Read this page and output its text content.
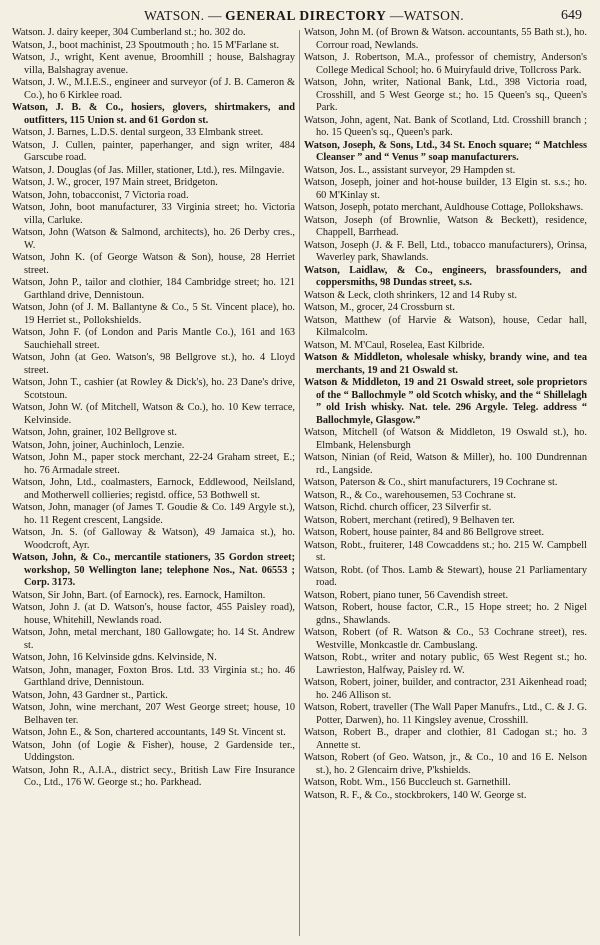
WATSON. — GENERAL DIRECTORY —WATSON.	649

Watson. J. dairy keeper, 304 Cumberland st.; ho. 302 do.

Watson, J., boot machinist, 23 Spoutmouth ; ho. 15 M'Farlane st.

Watson, J., wright, Kent avenue, Broomhill ; house, Balshagray villa, Balshagray avenue.

Watson, J. W., M.I.E.S., engineer and surveyor (of J. B. Cameron & Co.), ho 6 Kirklee road.

Watson, J. B. & Co., hosiers, glovers, shirtmakers, and outfitters, 115 Union st. and 61 Gordon st.

Watson, J. Barnes, L.D.S. dental surgeon, 33 Elmbank street.

Watson, J. Cullen, painter, paperhanger, and sign writer, 484 Garscube road.

Watson, J. Douglas (of Jas. Miller, stationer, Ltd.), res. Milngavie.

Watson, J. W., grocer, 197 Main street, Bridgeton.

Watson, John, tobacconist, 7 Victoria road.

Watson, John, boot manufacturer, 33 Virginia street; ho. Victoria villa, Carluke.

Watson, John (Watson & Salmond, architects), ho. 26 Derby cres., W.

Watson, John K. (of George Watson & Son), house, 28 Herriet street.

Watson, John P., tailor and clothier, 184 Cambridge street; ho. 121 Garthland drive, Dennistoun.

Watson, John (of J. M. Ballantyne & Co., 5 St. Vincent place), ho. 19 Herriet st., Pollokshields.

Watson, John F. (of London and Paris Mantle Co.), 161 and 163 Sauchiehall street.

Watson, John (at Geo. Watson's, 98 Bellgrove st.), ho. 4 Lloyd street.

Watson, John T., cashier (at Rowley & Dick's), ho. 23 Dane's drive, Scotstoun.

Watson, John W. (of Mitchell, Watson & Co.), ho. 10 Kew terrace, Kelvinside.

Watson, John, grainer, 102 Bellgrove st.

Watson, John, joiner, Auchinloch, Lenzie.

Watson, John M., paper stock merchant, 22-24 Graham street, E.; ho. 76 Armadale street.

Watson, John, Ltd., coalmasters, Earnock, Eddlewood, Neilsland, and Motherwell collieries; registd. office, 53 Bothwell st.

Watson, John, manager (of James T. Goudie & Co. 149 Argyle st.), ho. 11 Regent crescent, Langside.

Watson, Jn. S. (of Galloway & Watson), 49 Jamaica st.), ho. Woodcroft, Ayr.

Watson, John, & Co., mercantile stationers, 35 Gordon street; workshop, 50 Wellington lane; telephone Nos., Nat. 06553 ; Corp. 3173.

Watson, Sir John, Bart. (of Earnock), res. Earnock, Hamilton.

Watson, John J. (at D. Watson's, house factor, 455 Paisley road), house, Whitehill, Newlands road.

Watson, John, metal merchant, 180 Gallowgate; ho. 14 St. Andrew st.

Watson, John, 16 Kelvinside gdns. Kelvinside, N.

Watson, John, manager, Foxton Bros. Ltd. 33 Virginia st.; ho. 46 Garthland drive, Dennistoun.

Watson, John, 43 Gardner st., Partick.

Watson, John, wine merchant, 207 West George street; house, 10 Belhaven ter.

Watson, John E., & Son, chartered accountants, 149 St. Vincent st.

Watson, John (of Logie & Fisher), house, 2 Gardenside ter., Uddingston.

Watson, John R., A.I.A., district secy., British Law Fire Insurance Co., Ltd., 176 W. George st.; ho. Parkhead.

Watson, John M. (of Brown & Watson. accountants, 55 Bath st.), ho. Corrour road, Newlands.

Watson, J. Robertson, M.A., professor of chemistry, Anderson's College Medical School; ho. 6 Muiryfauld drive, Tollcross Park.

Watson, John, writer, National Bank, Ltd., 398 Victoria road, Crosshill, and 5 West George st.; ho. 15 Queen's sq., Queen's Park.

Watson, John, agent, Nat. Bank of Scotland, Ltd. Crosshill branch ; ho. 15 Queen's sq., Queen's park.

Watson, Joseph, & Sons, Ltd., 34 St. Enoch square; “ Matchless Cleanser ” and “ Venus ” soap manufacturers.

Watson, Jos. L., assistant surveyor, 29 Hampden st.

Watson, Joseph, joiner and hot-house builder, 13 Elgin st. s.s.; ho. 60 M'Kinlay st.

Watson, Joseph, potato merchant, Auldhouse Cottage, Pollokshaws.

Watson, Joseph (of Brownlie, Watson & Beckett), residence, Chappell, Barrhead.

Watson, Joseph (J. & F. Bell, Ltd., tobacco manufacturers), Orinsa, Waverley park, Shawlands.

Watson, Laidlaw, & Co., engineers, brassfounders, and coppersmiths, 98 Dundas street, s.s.

Watson & Leck, cloth shrinkers, 12 and 14 Ruby st.

Watson, M., grocer, 24 Crossburn st.

Watson, Matthew (of Harvie & Watson), house, Cedar hall, Kilmalcolm.

Watson, M. M'Caul, Roselea, East Kilbride.

Watson & Middleton, wholesale whisky, brandy wine, and tea merchants, 19 and 21 Oswald st.

Watson & Middleton, 19 and 21 Oswald street, sole proprietors of the “ Ballochmyle ” old Scotch whisky, and the “ Shillelagh ” old Irish whisky. Nat. tele. 296 Argyle. Teleg. address “ Ballochmyle, Glasgow.”

Watson, Mitchell (of Watson & Middleton, 19 Oswald st.), ho. Elmbank, Helensburgh

Watson, Ninian (of Reid, Watson & Miller), ho. 100 Dundrennan rd., Langside.

Watson, Paterson & Co., shirt manufacturers, 19 Cochrane st.

Watson, R., & Co., warehousemen, 53 Cochrane st.

Watson, Richd. church officer, 23 Silverfir st.

Watson, Robert, merchant (retired), 9 Belhaven ter.

Watson, Robert, house painter, 84 and 86 Bellgrove street.

Watson, Robt., fruiterer, 148 Cowcaddens st.; ho. 215 W. Campbell st.

Watson, Robt. (of Thos. Lamb & Stewart), house 21 Parliamentary road.

Watson, Robert, piano tuner, 56 Cavendish street.

Watson, Robert, house factor, C.R., 15 Hope street; ho. 2 Nigel gdns., Shawlands.

Watson, Robert (of R. Watson & Co., 53 Cochrane street), res. Westville, Monkcastle dr. Cambuslang.

Watson, Robt., writer and notary public, 65 West Regent st.; ho. Lawrieston, Halfway, Paisley rd. W.

Watson, Robert, joiner, builder, and contractor, 231 Aikenhead road; ho. 246 Allison st.

Watson, Robert, traveller (The Wall Paper Manufrs., Ltd., C. & J. G. Potter, Darwen), ho. 11 Kingsley avenue, Crosshill.

Watson, Robert B., draper and clothier, 81 Cadogan st.; ho. 3 Annette st.

Watson, Robert (of Geo. Watson, jr., & Co., 10 and 16 E. Nelson st.), ho. 2 Glencairn drive, P'kshields.

Watson, Robt. Wm., 156 Buccleuch st. Garnethill.

Watson, R. F., & Co., stockbrokers, 140 W. George st.
